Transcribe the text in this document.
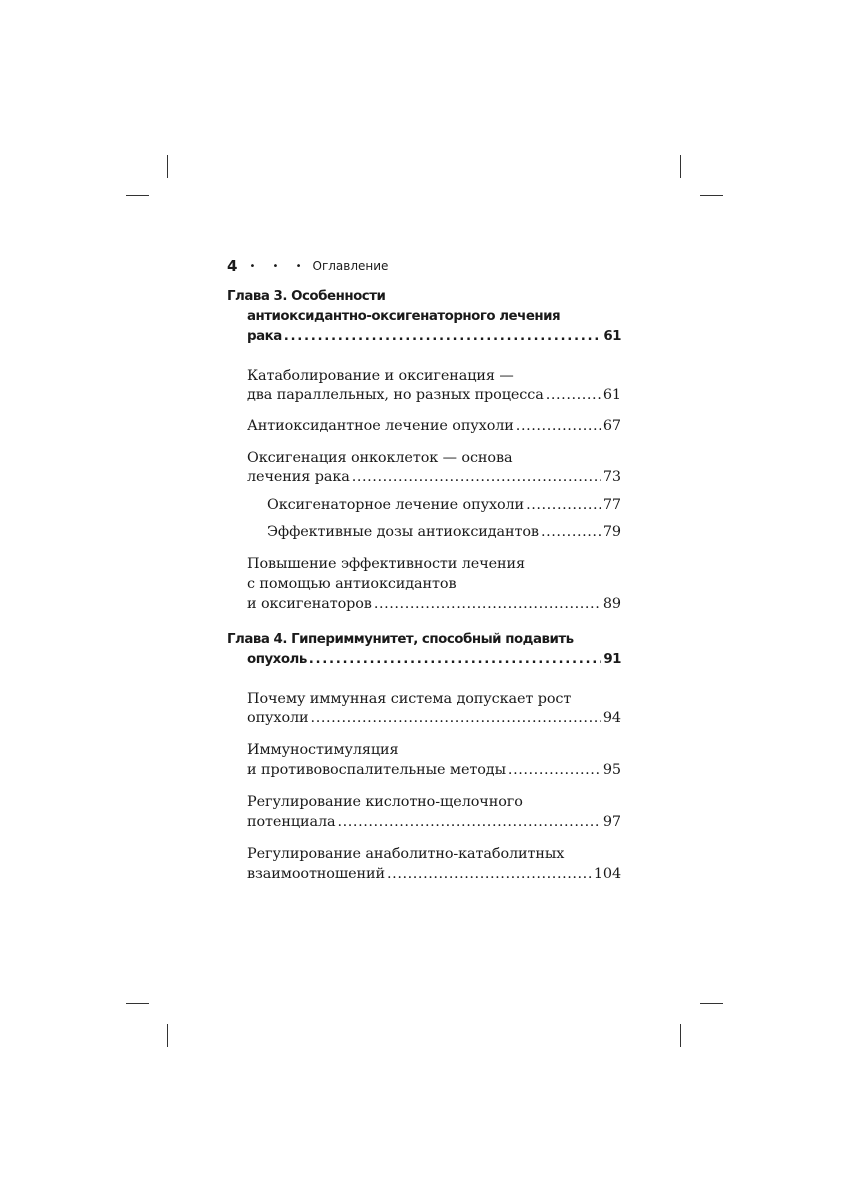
4 • • • Оглавление
Глава 3. Особенности
антиоксидантно-оксигенаторного лечения
рака . . .	61
Катаболирование и оксигенация —
два параллельных, но разных процесса . . .	61
Антиоксидантное лечение опухоли . . .	67
Оксигенация онкоклеток — основа
лечения рака . . .	73
Оксигенаторное лечение опухоли . . .	77
Эффективные дозы антиоксидантов . . .	79
Повышение эффективности лечения
с помощью антиоксидантов
и оксигенаторов . . .	89
Глава 4. Гипериммунитет, способный подавить
опухоль . . .	91
Почему иммунная система допускает рост
опухоли . . .	94
Иммуностимуляция
и противовоспалительные методы . . .	95
Регулирование кислотно-щелочного
потенциала . . .	97
Регулирование анаболитно-катаболитных
взаимоотношений . . .	104
